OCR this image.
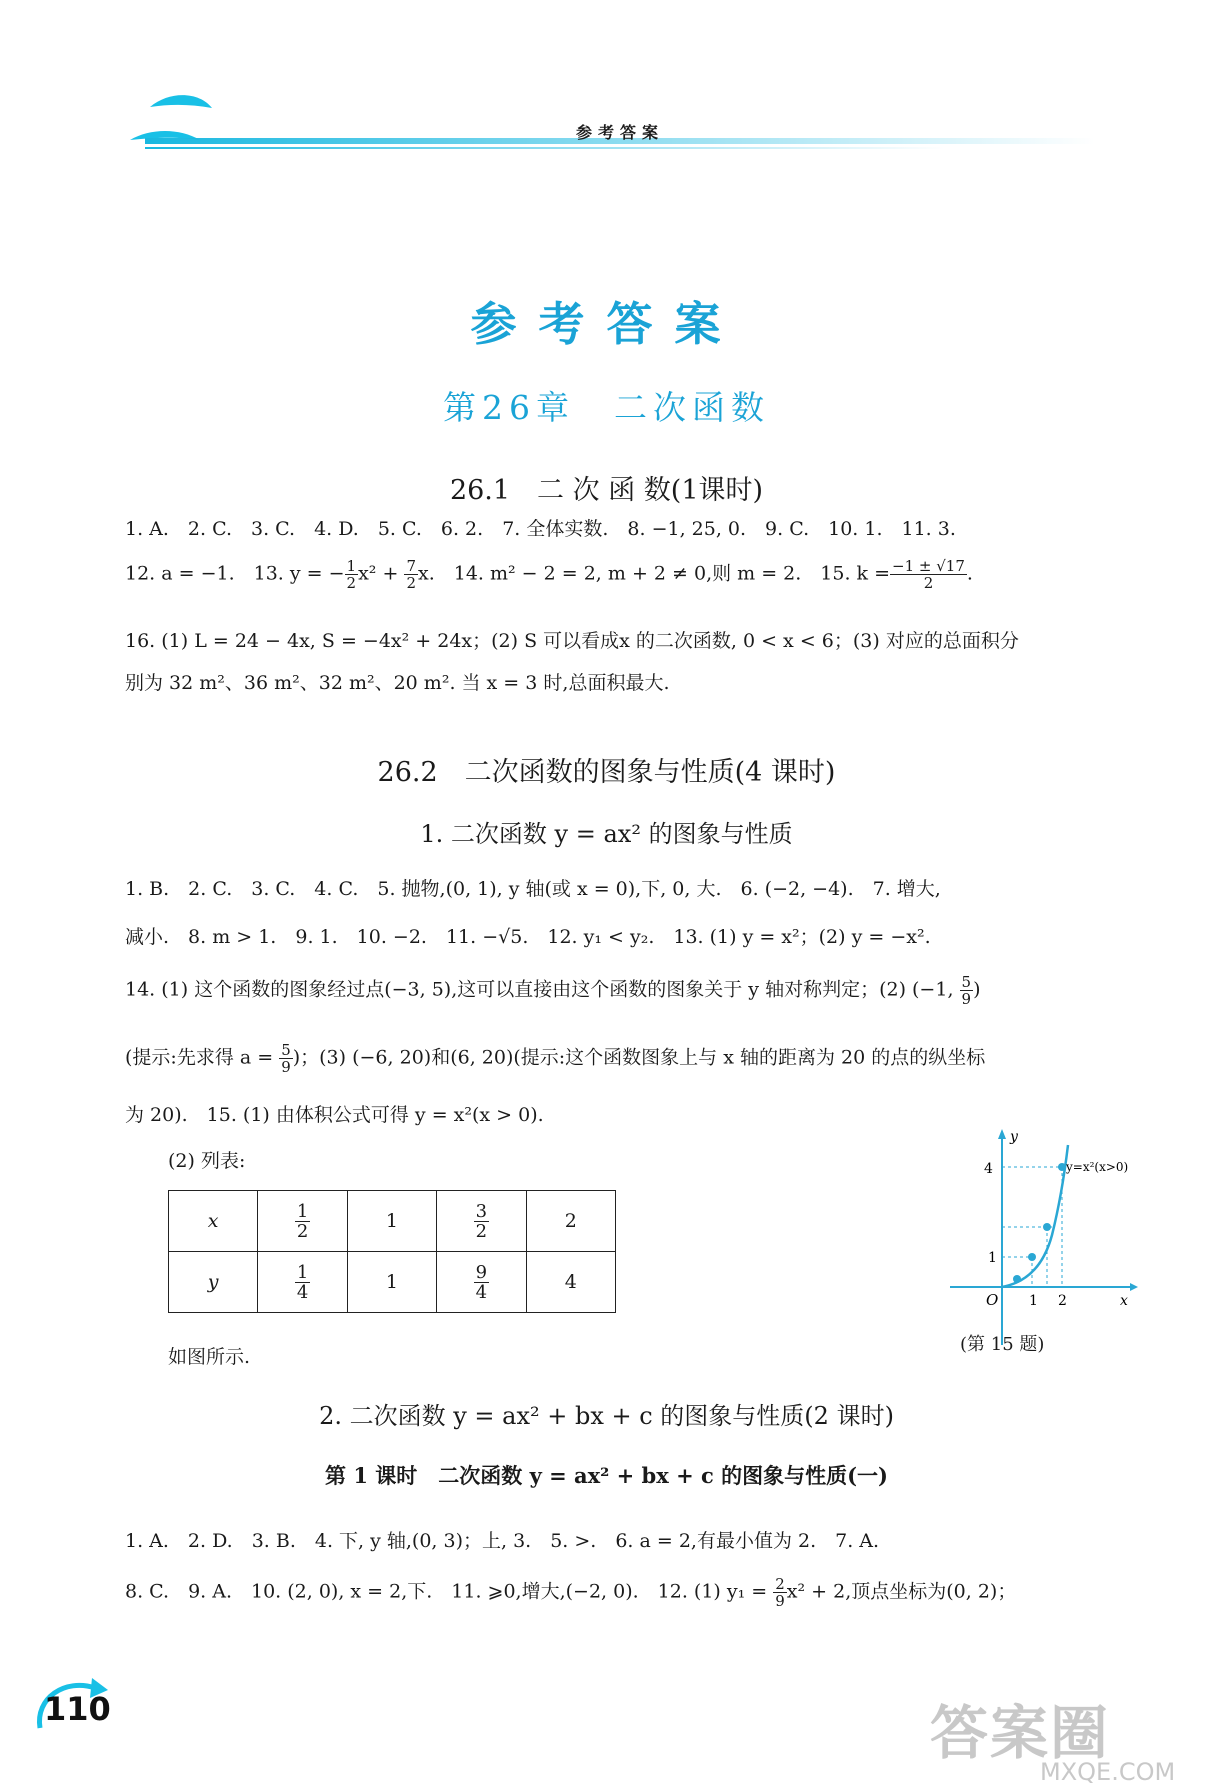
参考答案
参考答案
第26章　二次函数
26.1　二 次 函 数(1课时)
1. A.　2. C.　3. C.　4. D.　5. C.　6. 2.　7. 全体实数.　8. −1, 25, 0.　9. C.　10. 1.　11. 3.
12. a = −1.　13. y = − $\frac{1}{2} x^2 + \frac{7}{2} x$.　14. m² − 2 = 2, m + 2 ≠ 0,则 m = 2.　15. $k = \frac{-1 \pm √17}{2}$ .
16. (1) L = 24 − 4x, S = −4x² + 24x；(2) S 可以看成x 的二次函数, 0 < x < 6；(3) 对应的总面积分
别为 32 m²、36 m²、32 m²、20 m². 当 x = 3 时,总面积最大.
26.2　二次函数的图象与性质(4 课时)
1. 二次函数 y = ax² 的图象与性质
1. B.　2. C.　3. C.　4. C.　5. 抛物,(0, 1), y 轴(或 x = 0),下, 0, 大.　6. (−2, −4).　7. 增大,
减小.　8. m > 1.　9. 1.　10. −2.　11. −√5.　12. y₁ < y₂.　13. (1) y = x²；(2) y = −x².
14. (1) 这个函数的图象经过点(−3, 5),这可以直接由这个函数的图象关于 y 轴对称判定；(2) (−1, $\frac{5}{9}$ )
(提示:先求得 $a = \frac{5}{9}$ )；(3) (−6, 20)和(6, 20)(提示:这个函数图象上与 x 轴的距离为 20 的点的纵坐标
为 20).　15. (1) 由体积公式可得 y = x²(x > 0).
(2) 列表:
x	$\frac{1}{2}$	1	$\frac{3}{2}$	2
y	$\frac{1}{4}$	1	$\frac{9}{4}$	4
如图所示.
y
x
O
4
1
1 2
y=x²(x>0)
(第 15 题)
2. 二次函数 y = ax² + bx + c 的图象与性质(2 课时)
第 1 课时　二次函数 y = ax² + bx + c 的图象与性质(一)
1. A.　2. D.　3. B.　4. 下, y 轴,(0, 3)；上, 3.　5. >.　6. a = 2,有最小值为 2.　7. A.
8. C.　9. A.　10. (2, 0), x = 2,下.　11. ⩾0,增大,(−2, 0).　12. (1) $y_1 = \frac{2}{9} x^2 + 2$,顶点坐标为(0, 2)；
110	答案圈
MXQE.COM
